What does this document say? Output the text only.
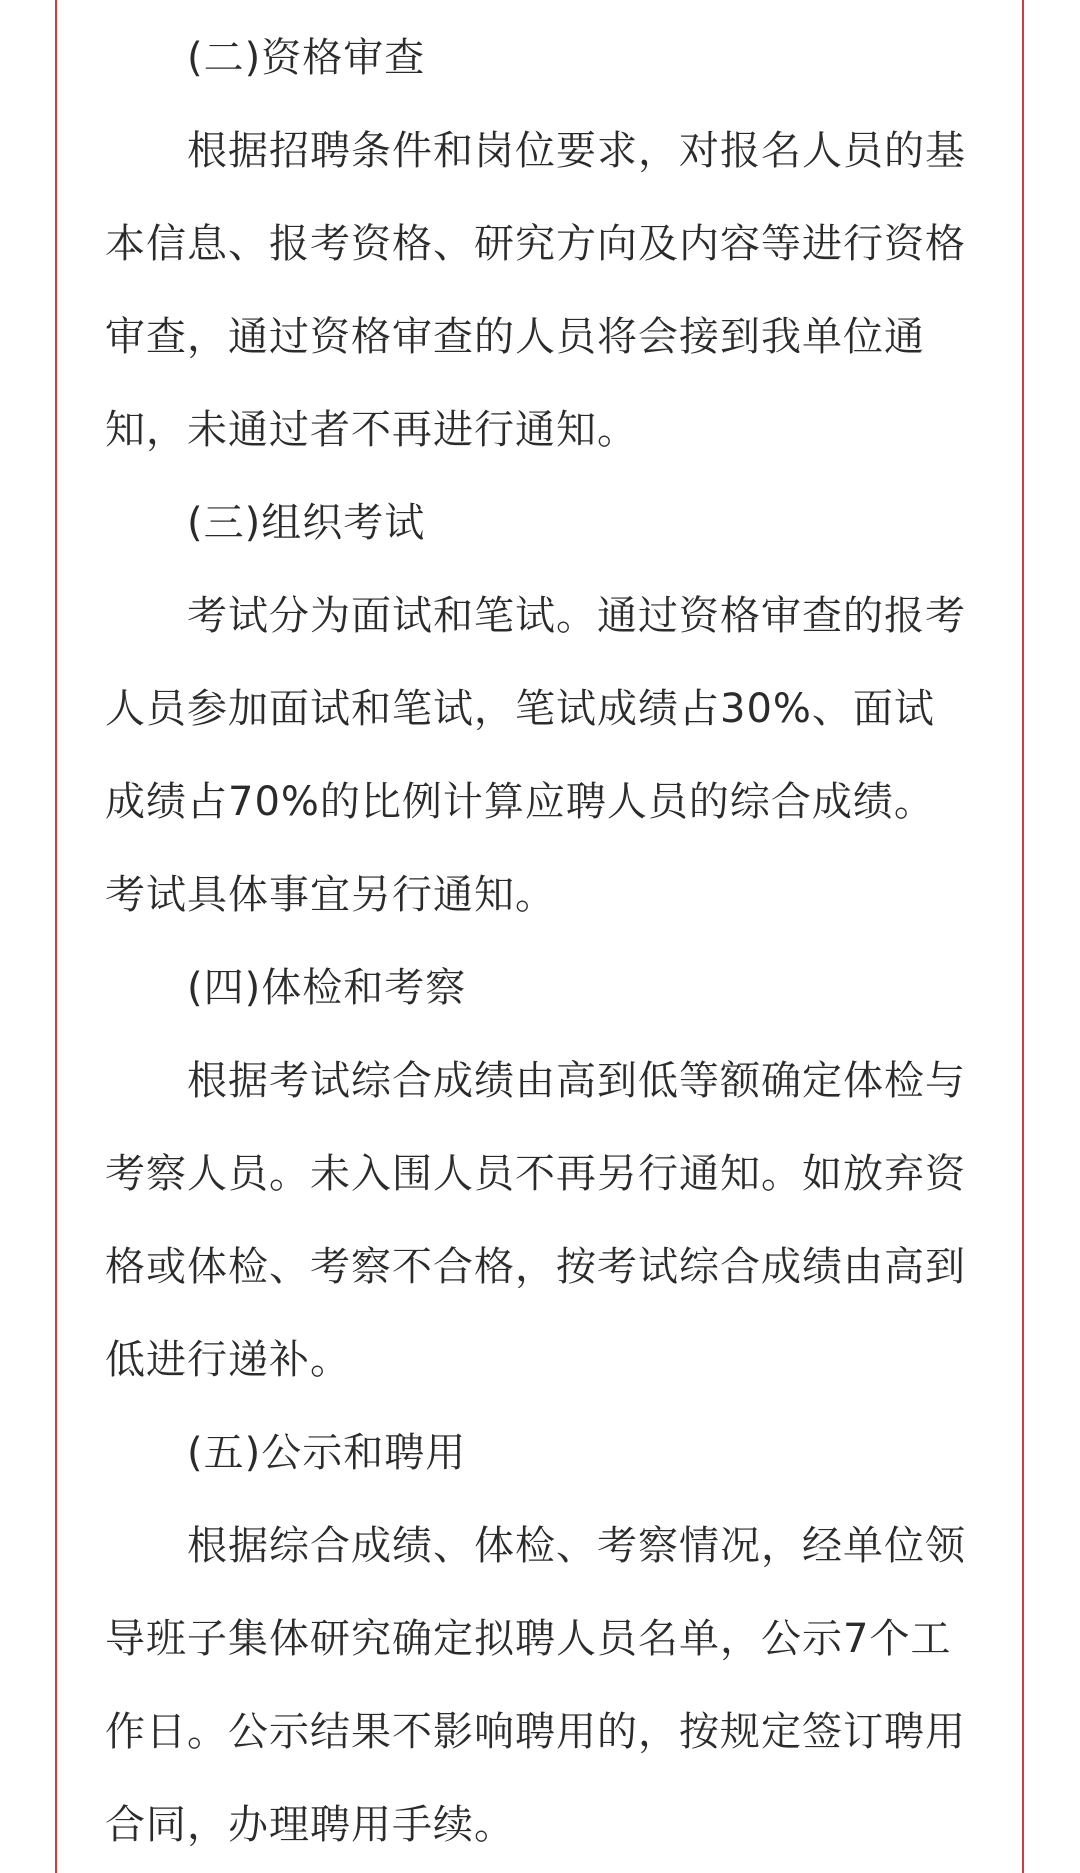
(二)资格审查

根据招聘条件和岗位要求，对报名人员的基本信息、报考资格、研究方向及内容等进行资格审查，通过资格审查的人员将会接到我单位通知，未通过者不再进行通知。

(三)组织考试

考试分为面试和笔试。通过资格审查的报考人员参加面试和笔试，笔试成绩占30%、面试成绩占70%的比例计算应聘人员的综合成绩。考试具体事宜另行通知。

(四)体检和考察

根据考试综合成绩由高到低等额确定体检与考察人员。未入围人员不再另行通知。如放弃资格或体检、考察不合格，按考试综合成绩由高到低进行递补。

(五)公示和聘用

根据综合成绩、体检、考察情况，经单位领导班子集体研究确定拟聘人员名单，公示7个工作日。公示结果不影响聘用的，按规定签订聘用合同，办理聘用手续。
